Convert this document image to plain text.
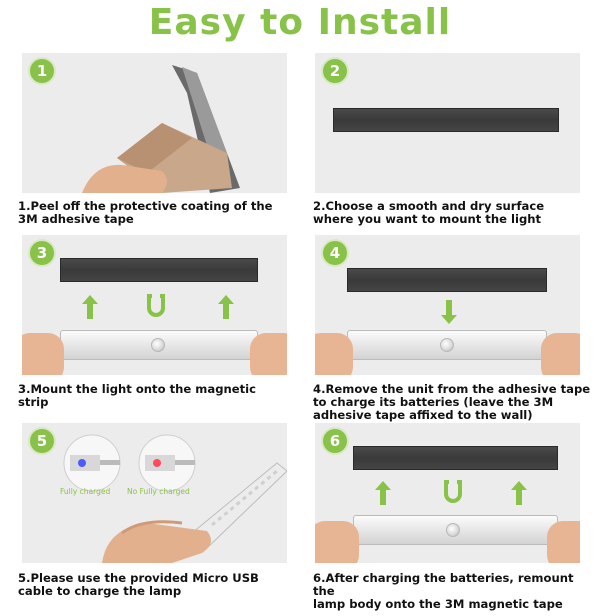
Easy to Install
1
1.Peel off the protective coating of the
3M adhesive tape
2
2.Choose a smooth and dry surface
where you want to mount the light
3
3.Mount the light onto the magnetic
strip
4
4.Remove the unit from the adhesive tape
to charge its batteries (leave the 3M
adhesive tape affixed to the wall)
5
Fully charged No Fully charged
5.Please use the provided Micro USB
cable to charge the lamp
6
6.After charging the batteries, remount the
lamp body onto the 3M magnetic tape
